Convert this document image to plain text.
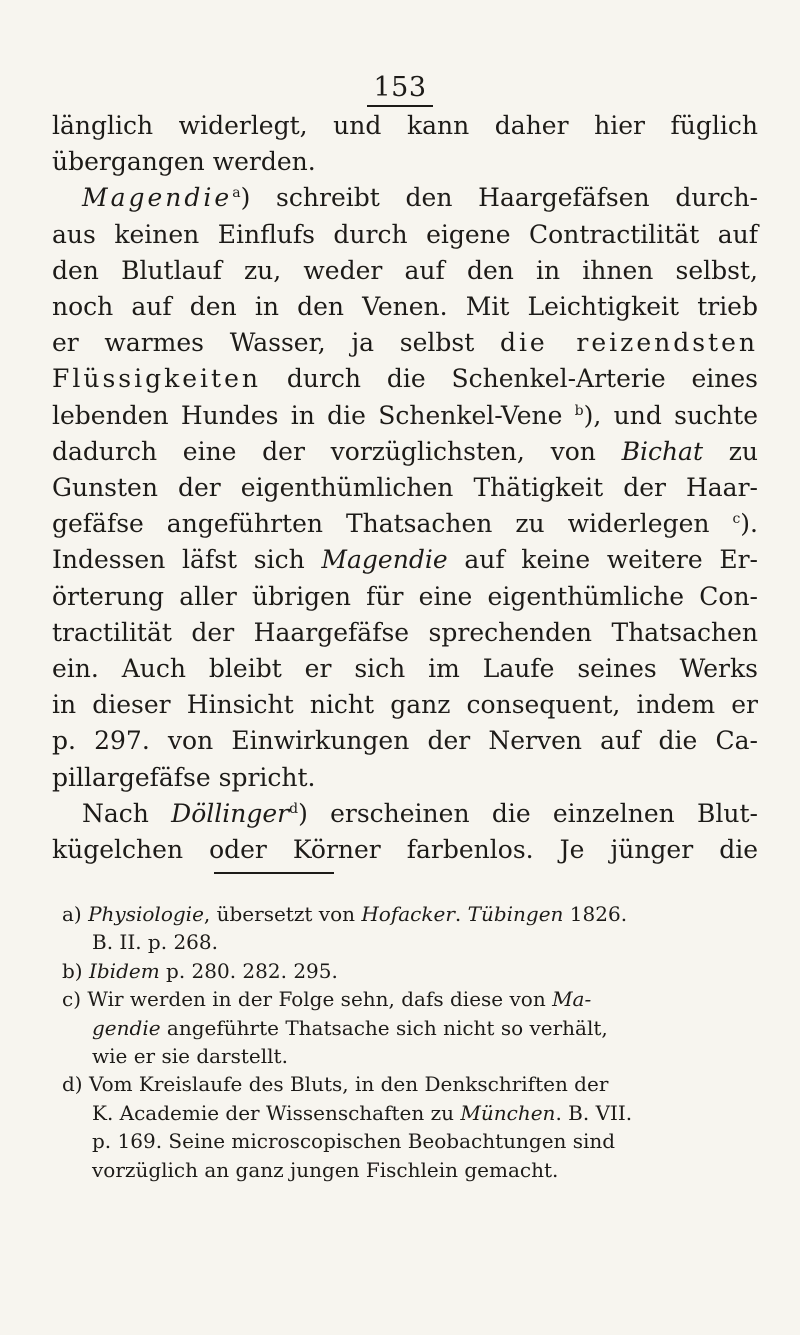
153
länglich widerlegt, und kann daher hier füglich
übergangen werden.
Magendie$^a$) schreibt den Haargefäfsen durch-
aus keinen Einflufs durch eigene Contractilität auf
den Blutlauf zu, weder auf den in ihnen selbst,
noch auf den in den Venen. Mit Leichtigkeit trieb
er warmes Wasser, ja selbst die reizendsten
Flüssigkeiten durch die Schenkel-Arterie eines
lebenden Hundes in die Schenkel-Vene $^b$), und suchte
dadurch eine der vorzüglichsten, von Bichat zu
Gunsten der eigenthümlichen Thätigkeit der Haar-
gefäfse angeführten Thatsachen zu widerlegen $^c$).
Indessen läfst sich Magendie auf keine weitere Er-
örterung aller übrigen für eine eigenthümliche Con-
tractilität der Haargefäfse sprechenden Thatsachen
ein. Auch bleibt er sich im Laufe seines Werks
in dieser Hinsicht nicht ganz consequent, indem er
p. 297. von Einwirkungen der Nerven auf die Ca-
pillargefäfse spricht.
Nach Döllinger$^d$) erscheinen die einzelnen Blut-
kügelchen oder Körner farbenlos. Je jünger die
a) Physiologie, übersetzt von Hofacker. Tübingen 1826.
B. II. p. 268.
b) Ibidem p. 280. 282. 295.
c) Wir werden in der Folge sehn, dafs diese von Ma-
gendie angeführte Thatsache sich nicht so verhält,
wie er sie darstellt.
d) Vom Kreislaufe des Bluts, in den Denkschriften der
K. Academie der Wissenschaften zu München. B. VII.
p. 169. Seine microscopischen Beobachtungen sind
vorzüglich an ganz jungen Fischlein gemacht.
